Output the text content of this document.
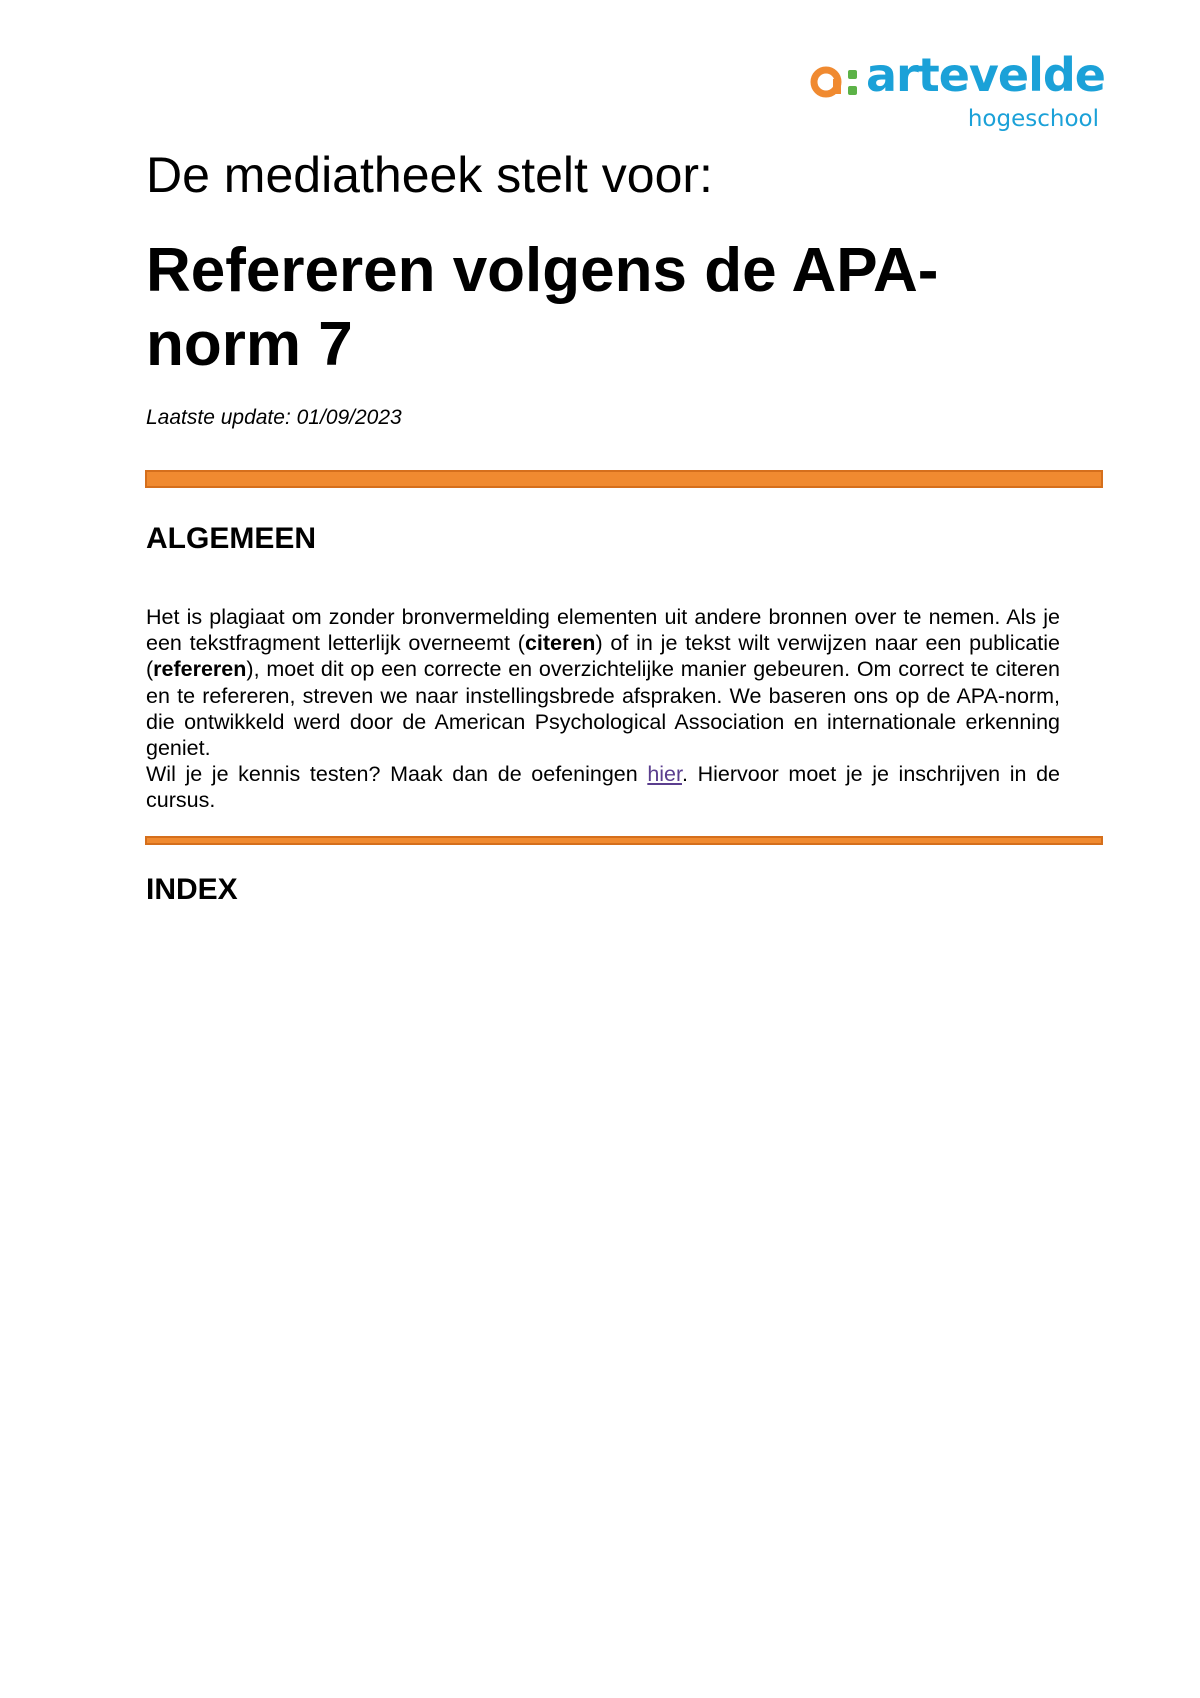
artevelde
hogeschool
De mediatheek stelt voor:
Refereren volgens de APA-norm 7

Laatste update: 01/09/2023

ALGEMEEN

Het is plagiaat om zonder bronvermelding elementen uit andere bronnen over te nemen. Als je een tekstfragment letterlijk overneemt (citeren) of in je tekst wilt verwijzen naar een publicatie (refereren), moet dit op een correcte en overzichtelijke manier gebeuren. Om correct te citeren en te refereren, streven we naar instellingsbrede afspraken. We baseren ons op de APA-norm, die ontwikkeld werd door de American Psychological Association en internationale erkenning geniet.

Wil je je kennis testen? Maak dan de oefeningen hier. Hiervoor moet je je inschrijven in de cursus.

INDEX
